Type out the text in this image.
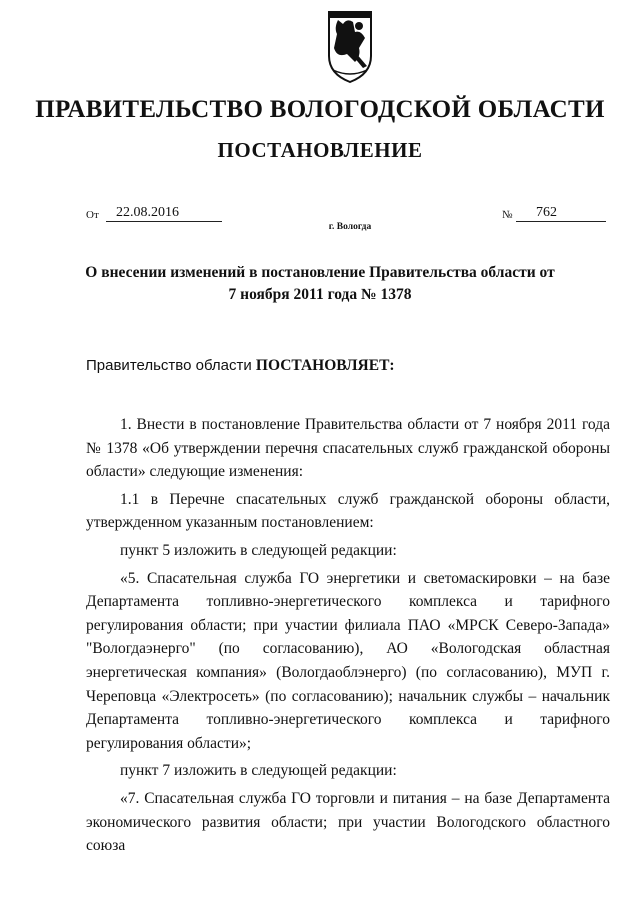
ПРАВИТЕЛЬСТВО ВОЛОГОДСКОЙ ОБЛАСТИ
ПОСТАНОВЛЕНИЕ
От	22.08.2016	№	762
г. Вологда
О внесении изменений в постановление Правительства области от
7 ноября 2011 года № 1378
Правительство области ПОСТАНОВЛЯЕТ:

1. Внести в постановление Правительства области от 7 ноября 2011 года № 1378 «Об утверждении перечня спасательных служб гражданской обороны области» следующие изменения:

1.1 в Перечне спасательных служб гражданской обороны области, утвержденном указанным постановлением:

пункт 5 изложить в следующей редакции:

«5. Спасательная служба ГО энергетики и светомаскировки – на базе Департамента топливно-энергетического комплекса и тарифного регулирования области; при участии филиала ПАО «МРСК Северо-Запада» "Вологдаэнерго" (по согласованию), АО «Вологодская областная энергетическая компания» (Вологдаоблэнерго) (по согласованию), МУП г. Череповца «Электросеть» (по согласованию); начальник службы – начальник Департамента топливно-энергетического комплекса и тарифного регулирования области»;

пункт 7 изложить в следующей редакции:

«7. Спасательная служба ГО торговли и питания – на базе Департамента экономического развития области; при участии Вологодского областного союза
